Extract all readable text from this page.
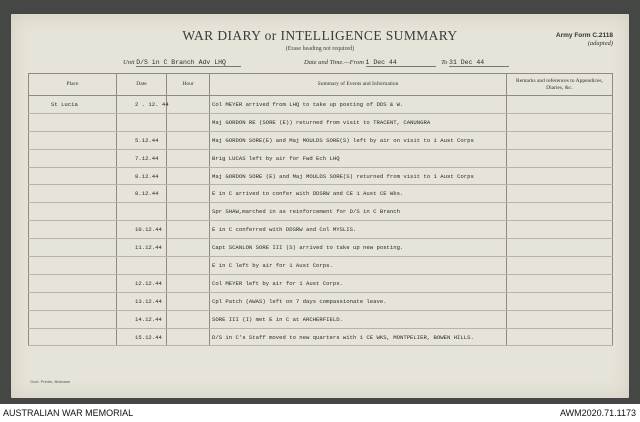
WAR DIARY or INTELLIGENCE SUMMARY
(Erase heading not required)
Army Form C.2118
(adapted)
Unit D/S in C Branch Adv LHQ	Date and Time.—From 1 Dec 44	To 31 Dec 44
Place	Date	Hour	Summary of Events and Information	Remarks and references to Appendices, Diaries, &c.
St Lucia	2 . 12. 44		Col MEYER arrived from LHQ to take up posting of DDS & W.	
			Maj GORDON RE (SORE (E)) returned from visit to TRACENT, CANUNGRA	
	5.12.44		Maj GORDON SORE(E) and Maj MOULDS SORE(S) left by air on visit to 1 Aust Corps	
	7.12.44		Brig LUCAS left by air for Fwd Ech LHQ	
	8.12.44		Maj GORDON SORE (E) and Maj MOULDS SORE(S) returned from visit to 1 Aust Corps	
	8.12.44		E in C arrived to confer with DDSRW and CE 1 Aust CE Wks.	
			Spr SHAW,marched in as reinforcement for D/S in C Branch	
	10.12.44		E in C conferred with DDSRW and Col MYSLIS.	
	11.12.44		Capt SCANLON SORE III (S) arrived to take up new posting.	
			E in C left by air for 1 Aust Corps.	
	12.12.44		Col MEYER left by air for 1 Aust Corps.	
	13.12.44		Cpl Patch (AWAS) left on 7 days compassionate leave.	
	14.12.44		SORE III (I) met E in C at ARCHERFIELD.	
	15.12.44		D/S in C's Staff moved to new quarters with 1 CE WKS, MONTPELIER, BOWEN HILLS.	
Govt. Printer, Brisbane
AUSTRALIAN WAR MEMORIAL	AWM2020.71.1173
